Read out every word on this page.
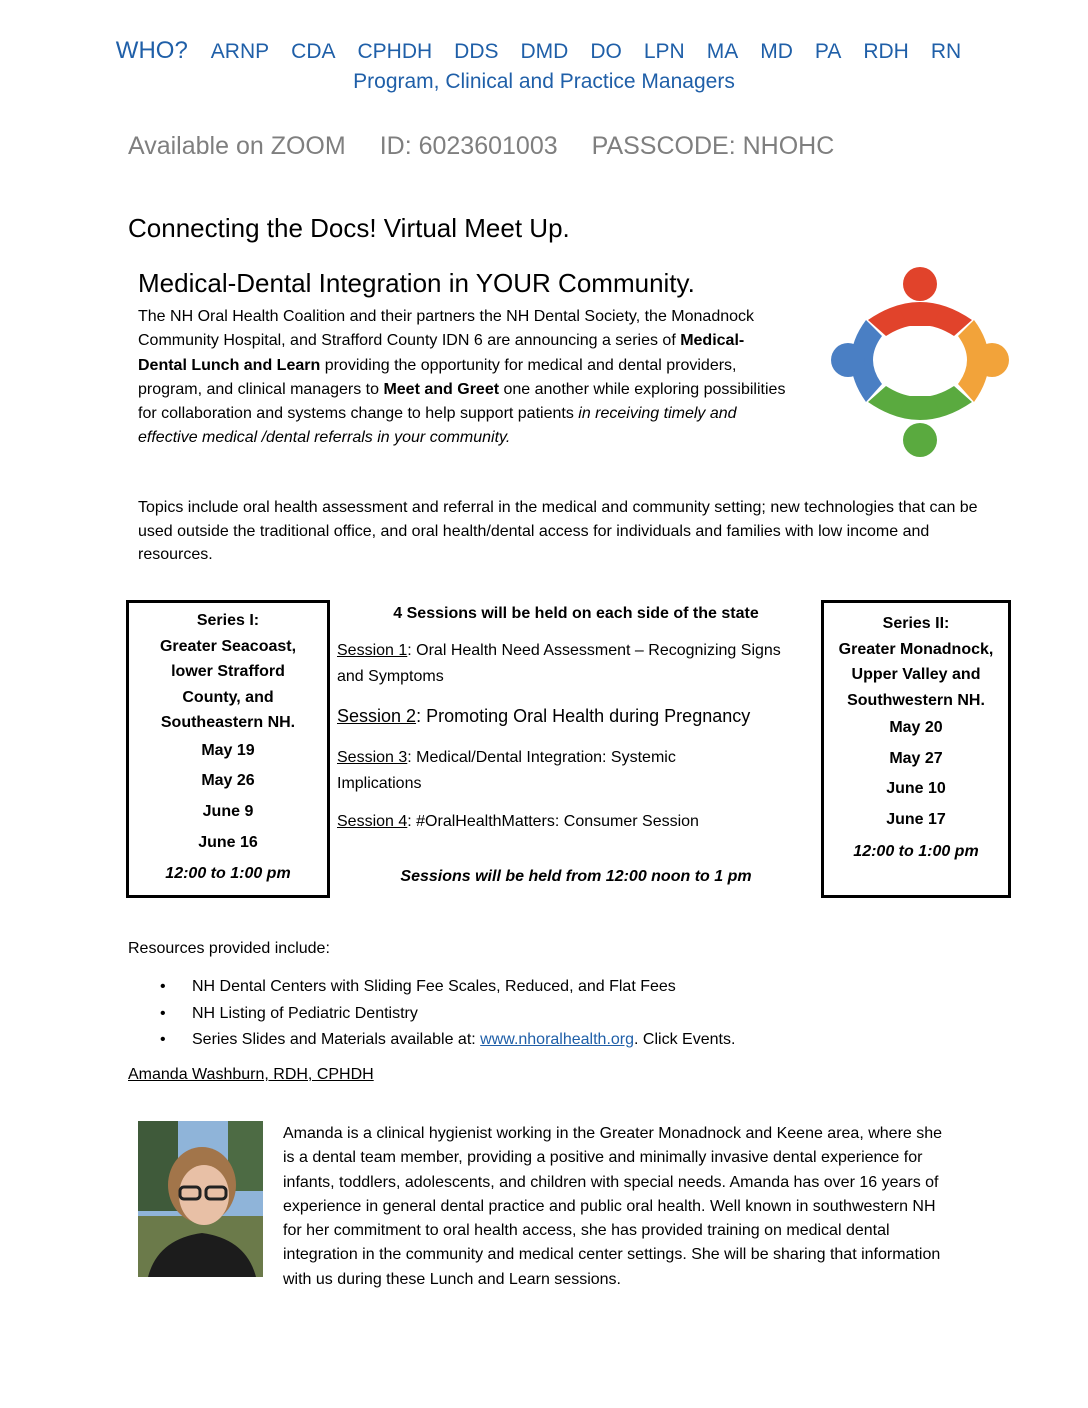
WHO? ARNP CDA CPHDH DDS DMD DO LPN MA MD PA RDH RN
Program, Clinical and Practice Managers
Available on ZOOM ID: 6023601003 PASSCODE: NHOHC
Connecting the Docs! Virtual Meet Up.
Medical-Dental Integration in YOUR Community.
The NH Oral Health Coalition and their partners the NH Dental Society, the Monadnock Community Hospital, and Strafford County IDN 6 are announcing a series of Medical-Dental Lunch and Learn providing the opportunity for medical and dental providers, program, and clinical managers to Meet and Greet one another while exploring possibilities for collaboration and systems change to help support patients in receiving timely and effective medical /dental referrals in your community.
Topics include oral health assessment and referral in the medical and community setting; new technologies that can be used outside the traditional office, and oral health/dental access for individuals and families with low income and resources.
Series I:
Greater Seacoast, lower Strafford County, and Southeastern NH.
May 19
May 26
June 9
June 16
12:00 to 1:00 pm
4 Sessions will be held on each side of the state
Session 1: Oral Health Need Assessment – Recognizing Signs and Symptoms
Session 2: Promoting Oral Health during Pregnancy
Session 3: Medical/Dental Integration: Systemic Implications
Session 4: #OralHealthMatters: Consumer Session
Sessions will be held from 12:00 noon to 1 pm
Series II:
Greater Monadnock, Upper Valley and Southwestern NH.
May 20
May 27
June 10
June 17
12:00 to 1:00 pm
Resources provided include:
• NH Dental Centers with Sliding Fee Scales, Reduced, and Flat Fees
• NH Listing of Pediatric Dentistry
• Series Slides and Materials available at: www.nhoralhealth.org. Click Events.
Amanda Washburn, RDH, CPHDH
Amanda is a clinical hygienist working in the Greater Monadnock and Keene area, where she is a dental team member, providing a positive and minimally invasive dental experience for infants, toddlers, adolescents, and children with special needs. Amanda has over 16 years of experience in general dental practice and public oral health. Well known in southwestern NH for her commitment to oral health access, she has provided training on medical dental integration in the community and medical center settings. She will be sharing that information with us during these Lunch and Learn sessions.
